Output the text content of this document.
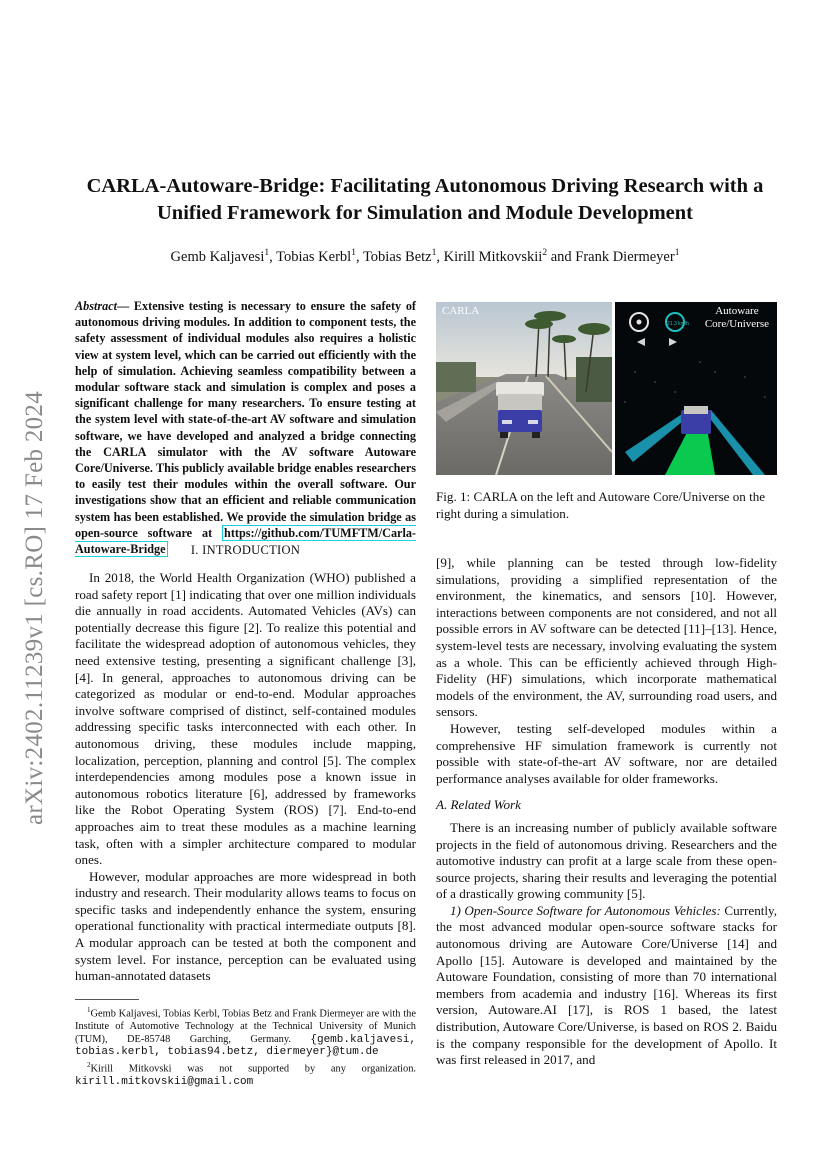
arXiv:2402.11239v1 [cs.RO] 17 Feb 2024
CARLA-Autoware-Bridge: Facilitating Autonomous Driving Research with a Unified Framework for Simulation and Module Development
Gemb Kaljavesi$^1$, Tobias Kerbl$^1$, Tobias Betz$^1$, Kirill Mitkovskii$^2$ and Frank Diermeyer$^1$
Abstract— Extensive testing is necessary to ensure the safety of autonomous driving modules. In addition to component tests, the safety assessment of individual modules also requires a holistic view at system level, which can be carried out efficiently with the help of simulation. Achieving seamless compatibility between a modular software stack and simulation is complex and poses a significant challenge for many researchers. To ensure testing at the system level with state-of-the-art AV software and simulation software, we have developed and analyzed a bridge connecting the CARLA simulator with the AV software Autoware Core/Universe. This publicly available bridge enables researchers to easily test their modules within the overall software. Our investigations show that an efficient and reliable communication system has been established. We provide the simulation bridge as open-source software at https://github.com/TUMFTM/Carla-Autoware-Bridge	I. INTRODUCTION

In 2018, the World Health Organization (WHO) published a road safety report [1] indicating that over one million individuals die annually in road accidents. Automated Vehicles (AVs) can potentially decrease this figure [2]. To realize this potential and facilitate the widespread adoption of autonomous vehicles, they need extensive testing, presenting a significant challenge [3], [4]. In general, approaches to autonomous driving can be categorized as modular or end-to-end. Modular approaches involve software comprised of distinct, self-contained modules addressing specific tasks interconnected with each other. In autonomous driving, these modules include mapping, localization, perception, planning and control [5]. The complex interdependencies among modules pose a known issue in autonomous robotics literature [6], addressed by frameworks like the Robot Operating System (ROS) [7]. End-to-end approaches aim to treat these modules as a machine learning task, often with a simpler architecture compared to modular ones.

However, modular approaches are more widespread in both industry and research. Their modularity allows teams to focus on specific tasks and independently enhance the system, ensuring operational functionality with practical intermediate outputs [8]. A modular approach can be tested at both the component and system level. For instance, perception can be evaluated using human-annotated datasets

$^1$Gemb Kaljavesi, Tobias Kerbl, Tobias Betz and Frank Diermeyer are with the Institute of Automotive Technology at the Technical University of Munich (TUM), DE-85748 Garching, Germany. {gemb.kaljavesi, tobias.kerbl, tobias94.betz, diermeyer}@tum.de

$^2$Kirill Mitkovski was not supported by any organization. kirill.mitkovskii@gmail.com

CARLA
21.3 km/h
Autoware
Core/Universe
Fig. 1: CARLA on the left and Autoware Core/Universe on the right during a simulation.

[9], while planning can be tested through low-fidelity simulations, providing a simplified representation of the environment, the kinematics, and sensors [10]. However, interactions between components are not considered, and not all possible errors in AV software can be detected [11]–[13]. Hence, system-level tests are necessary, involving evaluating the system as a whole. This can be efficiently achieved through High-Fidelity (HF) simulations, which incorporate mathematical models of the environment, the AV, surrounding road users, and sensors.

However, testing self-developed modules within a comprehensive HF simulation framework is currently not possible with state-of-the-art AV software, nor are detailed performance analyses available for older frameworks.

A. Related Work

There is an increasing number of publicly available software projects in the field of autonomous driving. Researchers and the automotive industry can profit at a large scale from these open-source projects, sharing their results and leveraging the potential of a drastically growing community [5].

1) Open-Source Software for Autonomous Vehicles: Currently, the most advanced modular open-source software stacks for autonomous driving are Autoware Core/Universe [14] and Apollo [15]. Autoware is developed and maintained by the Autoware Foundation, consisting of more than 70 international members from academia and industry [16]. Whereas its first version, Autoware.AI [17], is ROS 1 based, the latest distribution, Autoware Core/Universe, is based on ROS 2. Baidu is the company responsible for the development of Apollo. It was first released in 2017, and
